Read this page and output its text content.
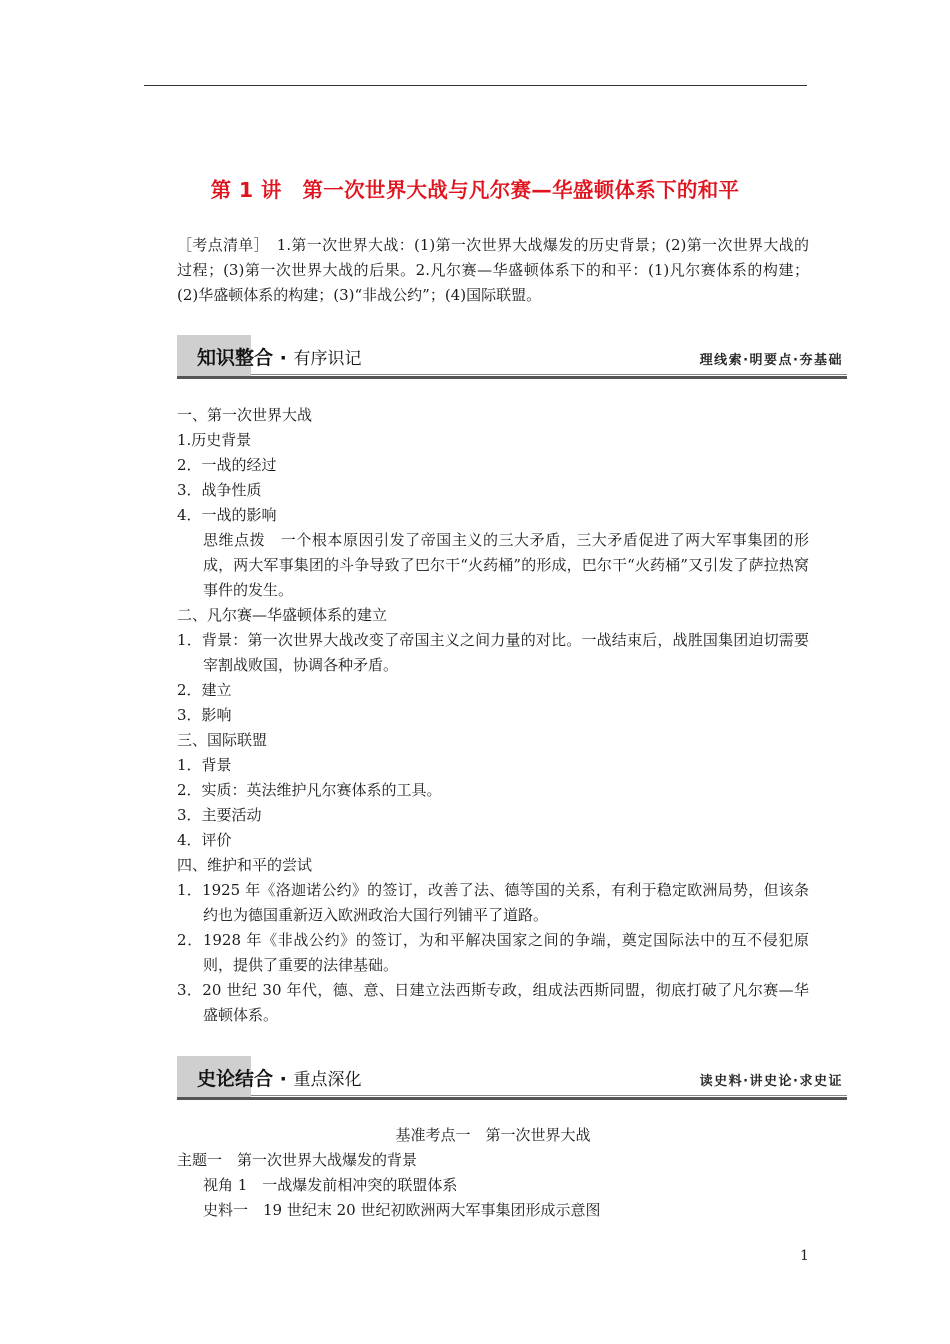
第 1 讲　第一次世界大战与凡尔赛—华盛顿体系下的和平
［考点清单］　1.第一次世界大战：(1)第一次世界大战爆发的历史背景；(2)第一次世界大战的过程；(3)第一次世界大战的后果。2.凡尔赛—华盛顿体系下的和平：(1)凡尔赛体系的构建；(2)华盛顿体系的构建；(3)“非战公约”；(4)国际联盟。
知识整合 · 有序识记	理线索·明要点·夯基础
一、第一次世界大战
1.历史背景
2．一战的经过
3．战争性质
4．一战的影响
思维点拨　一个根本原因引发了帝国主义的三大矛盾，三大矛盾促进了两大军事集团的形成，两大军事集团的斗争导致了巴尔干“火药桶”的形成，巴尔干“火药桶”又引发了萨拉热窝事件的发生。
二、凡尔赛—华盛顿体系的建立
1．背景：第一次世界大战改变了帝国主义之间力量的对比。一战结束后，战胜国集团迫切需要宰割战败国，协调各种矛盾。
2．建立
3．影响
三、国际联盟
1．背景
2．实质：英法维护凡尔赛体系的工具。
3．主要活动
4．评价
四、维护和平的尝试
1．1925 年《洛迦诺公约》的签订，改善了法、德等国的关系，有利于稳定欧洲局势，但该条约也为德国重新迈入欧洲政治大国行列铺平了道路。
2．1928 年《非战公约》的签订，为和平解决国家之间的争端，奠定国际法中的互不侵犯原则，提供了重要的法律基础。
3．20 世纪 30 年代，德、意、日建立法西斯专政，组成法西斯同盟，彻底打破了凡尔赛—华盛顿体系。
史论结合 · 重点深化	读史料·讲史论·求史证
基准考点一　第一次世界大战
主题一　第一次世界大战爆发的背景
视角 1　一战爆发前相冲突的联盟体系
史料一　19 世纪末 20 世纪初欧洲两大军事集团形成示意图
1
